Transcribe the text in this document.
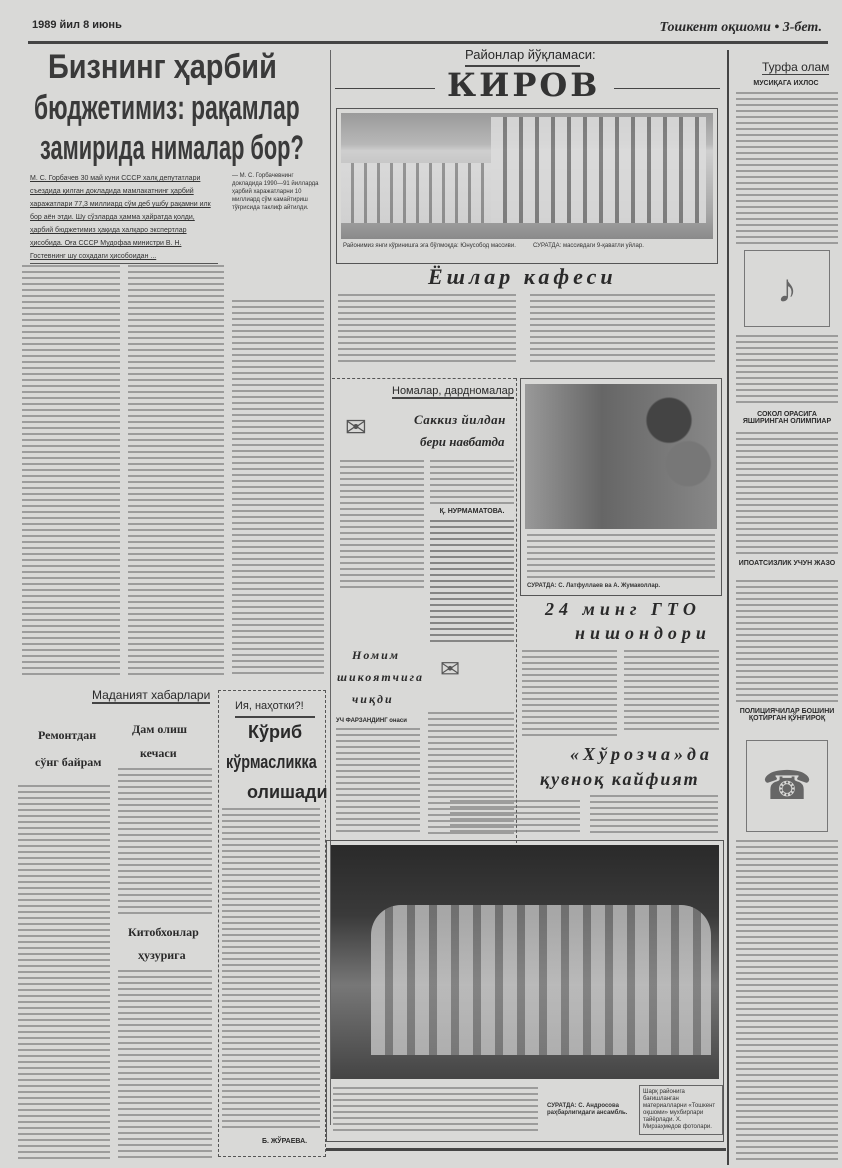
1989 йил 8 июнь	Тошкент оқшоми • 3-бет.
Бизнинг ҳарбий
бюджетимиз: рақамлар
замирида нималар бор?
М. С. Горбачев 30 май куни СССР халқ депутатлари съездида қилган докладида мамлакатнинг ҳарбий харажатлари 77,3 миллиард сўм деб ушбу рақамни илк бор аён этди. Шу сўзларда ҳамма ҳайратда қолди, ҳарбий бюджетимиз ҳақида халқаро экспертлар ҳисобида. Оға СССР Мудофаа министри В. Н. Гостевнинг шу соҳадаги ҳисобоидан ...
— М. С. Горбачевнинг докладида 1990—91 йилларда ҳарбий харажатларни 10 миллиард сўм камайтириш тўғрисида таклиф айтилди.
Районлар йўқламаси:
КИРОВ
Районимиз янги кўринишга эга бўлмоқда: Юнусобод массиви.	СУРАТДА: массивдаги 9-қаватли уйлар.
Ёшлар кафеси
Номалар, дардномалар
✉	Саккиз йилдан
бери навбатда
Қ. НУРМАМАТОВА.
Номим
шикоятчига
чиқди
✉
УЧ ФАРЗАНДИНГ онаси
СУРАТДА: С. Латфуллаев ва А. Жумаколлар.
24 минг ГТО
нишондори
«Хўрозча»да
қувноқ кайфият
СУРАТДА: С. Андросова раҳбарлигидаги ансамбль.
Шарқ районига бағишланган материалларни «Тошкент оқшоми» мухбирлари тайёрлади. Х. Мирзаҳмедов фотолари.
Маданият хабарлари
Ремонтдан
сўнг байрам
Дам олиш
кечаси
Китобхонлар
ҳузурига
Ия, наҳотки?!
Кўриб
кўрмасликка
олишади
Б. ЖЎРАЕВА.
Турфа олам
МУСИҚАГА ИХЛОС
♪
СОКОЛ ОРАСИГА ЯШИРИНГАН ОЛИМПИАР
ИПОАТСИЗЛИК УЧУН ЖАЗО
ПОЛИЦИЯЧИЛАР БОШИНИ ҚОТИРГАН ҚЎНҒИРОҚ
☎
